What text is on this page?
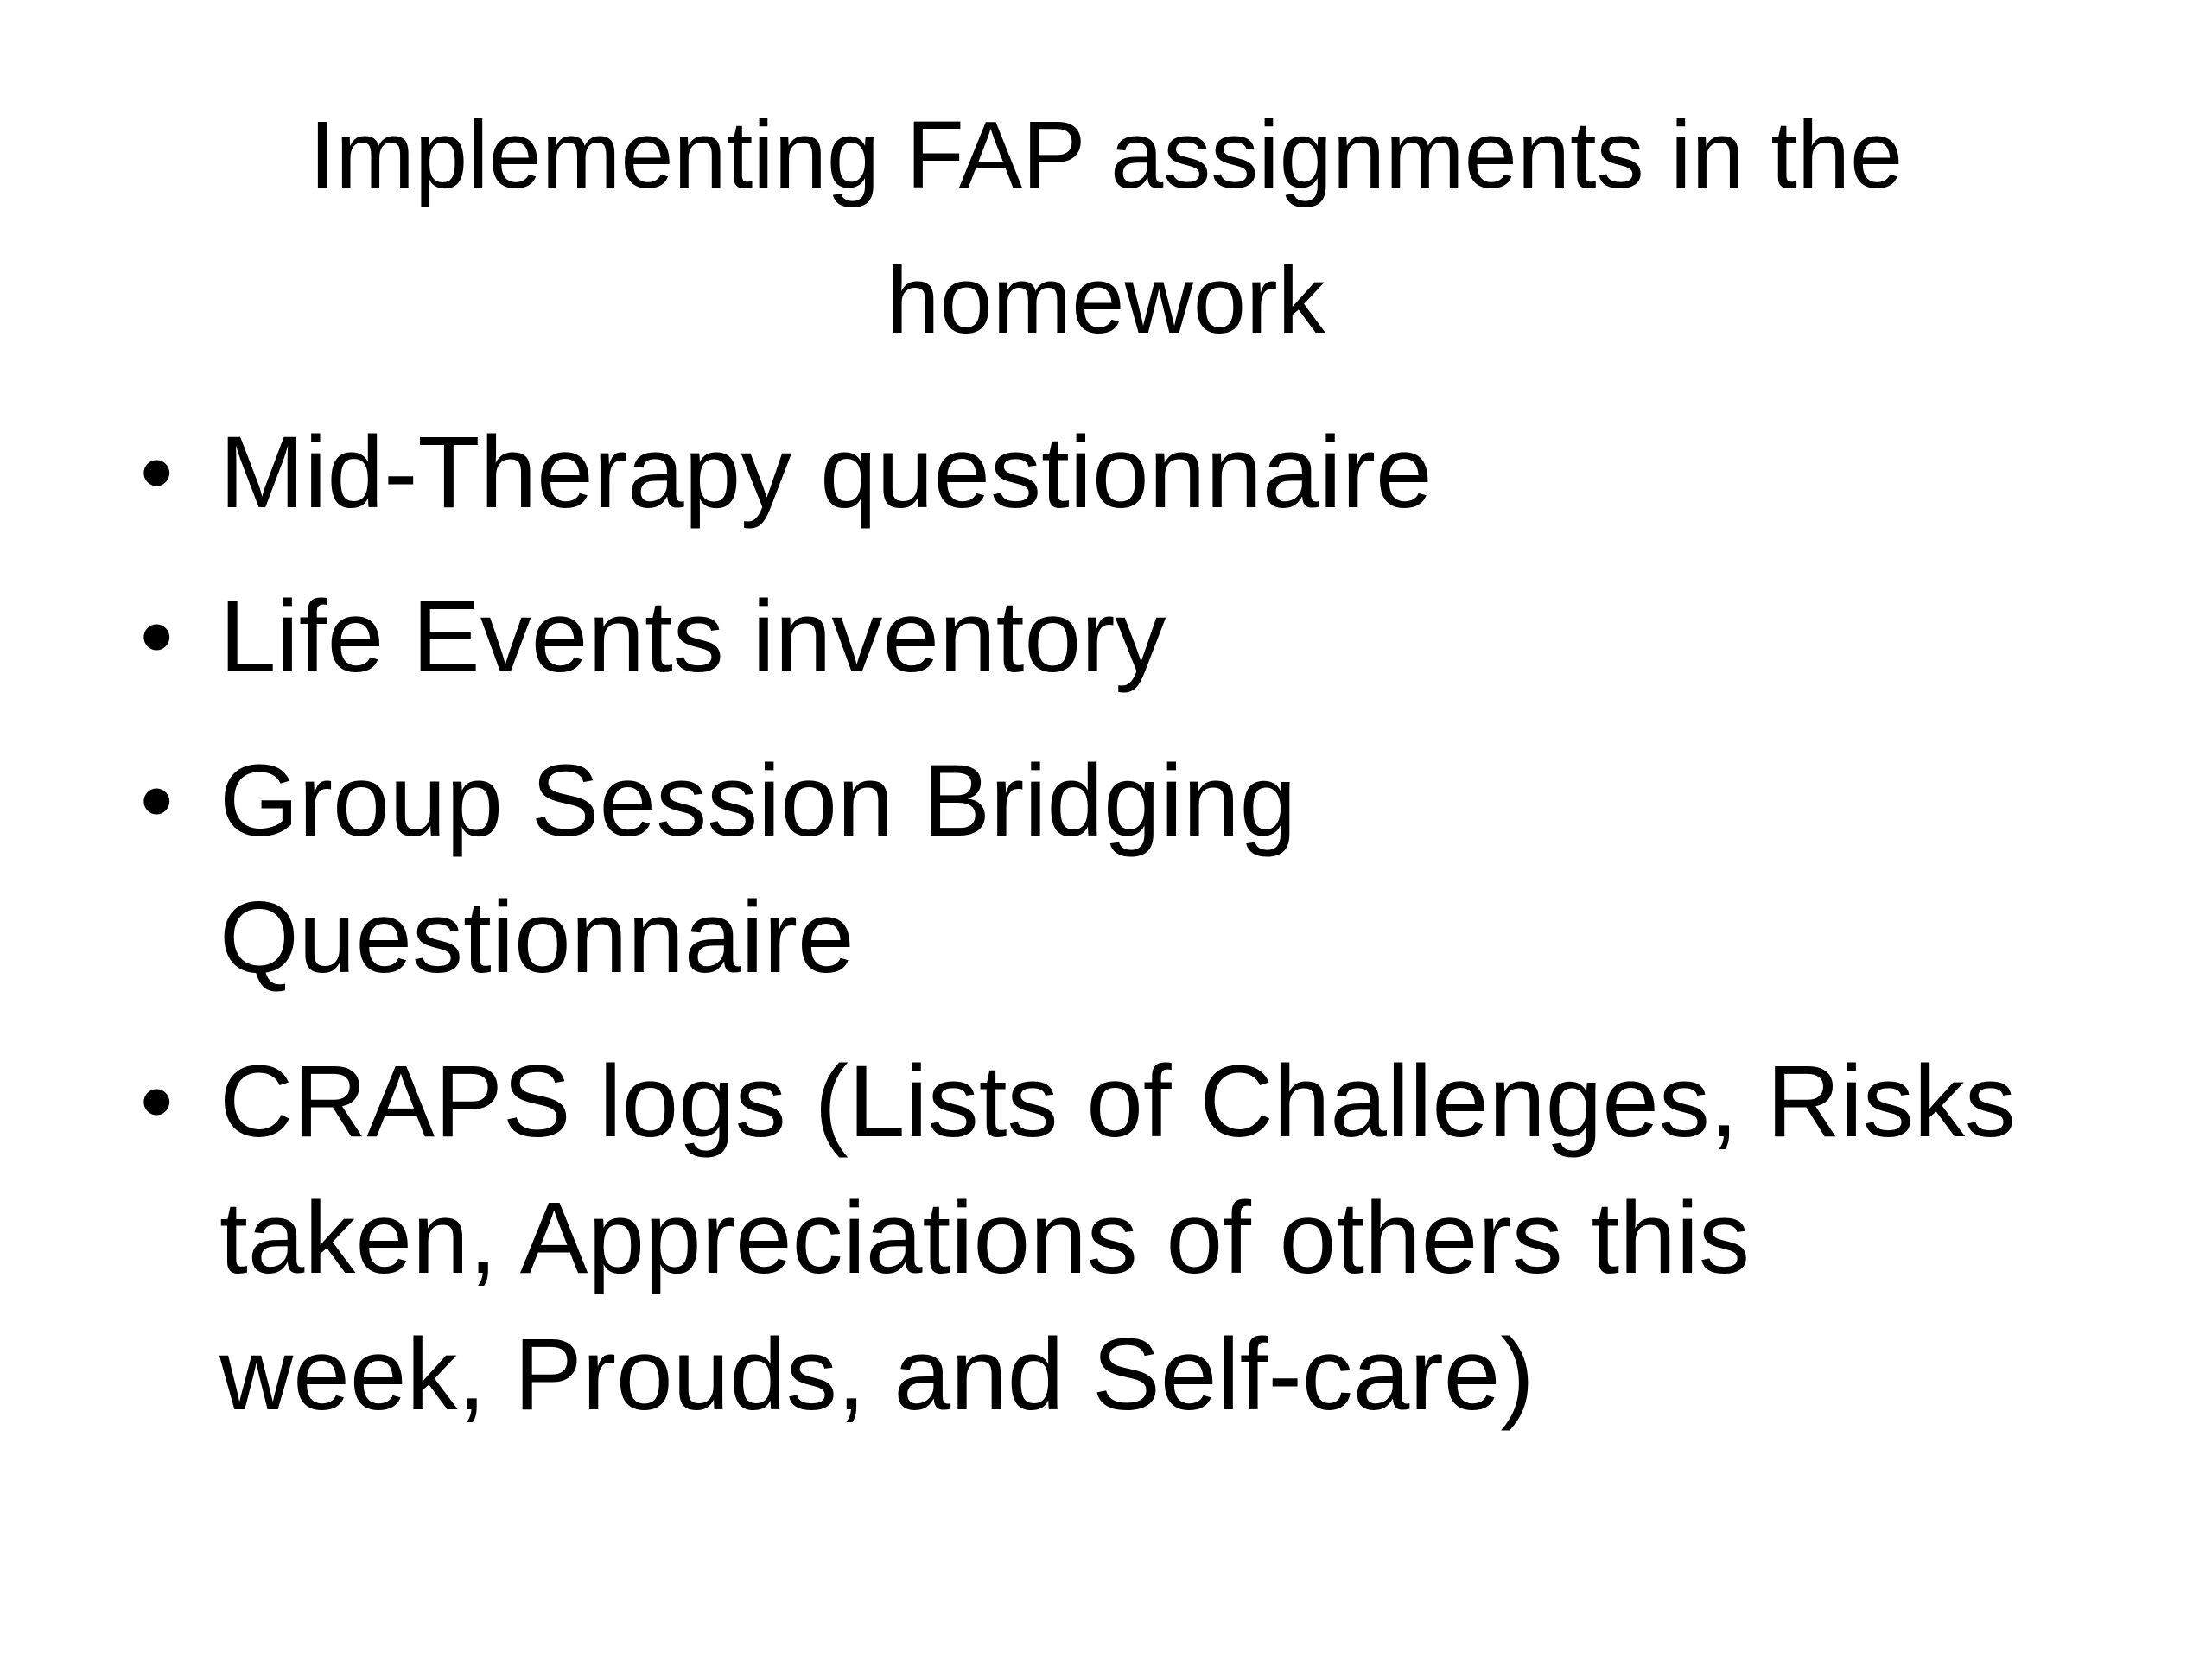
Implementing FAP assignments in the
homework
• Mid-Therapy questionnaire
• Life Events inventory
• Group Session Bridging
Questionnaire
• CRAPS logs (Lists of Challenges, Risks
taken, Appreciations of others this
week, Prouds, and Self-care)
